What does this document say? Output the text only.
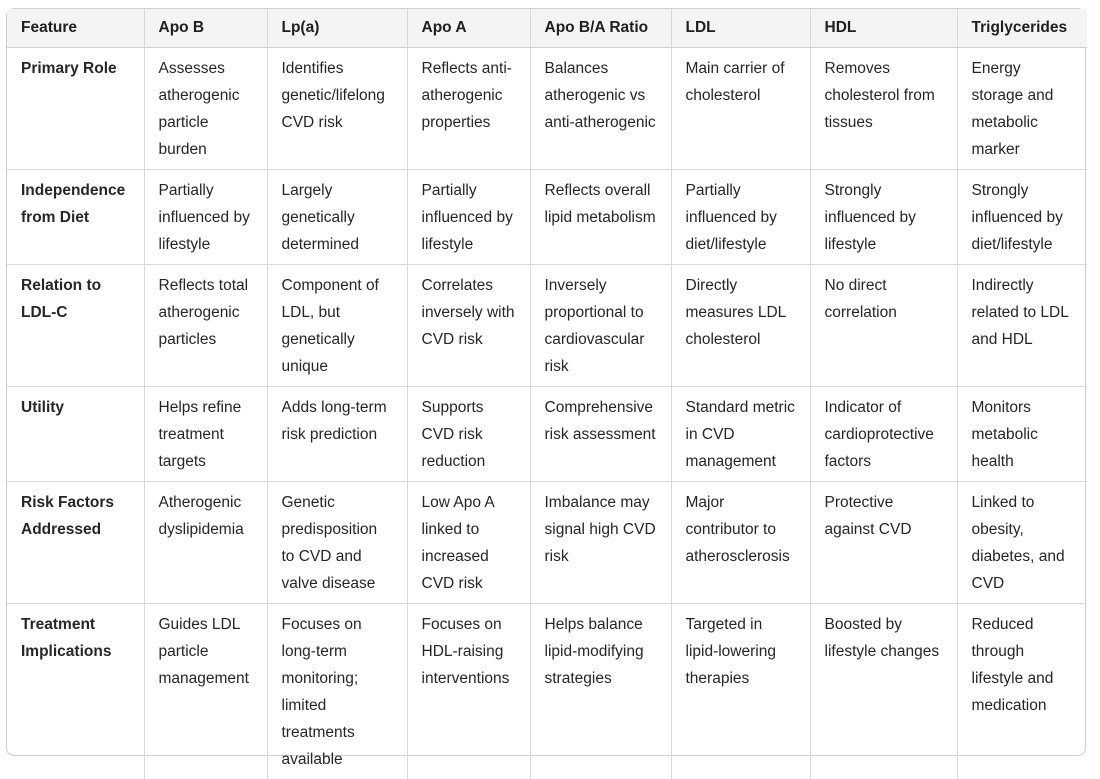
Feature	Apo B	Lp(a)	Apo A	Apo B/A Ratio	LDL	HDL	Triglycerides
Primary Role	Assesses atherogenic particle burden	Identifies genetic/lifelong CVD risk	Reflects anti-atherogenic properties	Balances atherogenic vs anti-atherogenic	Main carrier of cholesterol	Removes cholesterol from tissues	Energy storage and metabolic marker
Independence from Diet	Partially influenced by lifestyle	Largely genetically determined	Partially influenced by lifestyle	Reflects overall lipid metabolism	Partially influenced by diet/lifestyle	Strongly influenced by lifestyle	Strongly influenced by diet/lifestyle
Relation to LDL-C	Reflects total atherogenic particles	Component of LDL, but genetically unique	Correlates inversely with CVD risk	Inversely proportional to cardiovascular risk	Directly measures LDL cholesterol	No direct correlation	Indirectly related to LDL and HDL
Utility	Helps refine treatment targets	Adds long-term risk prediction	Supports CVD risk reduction	Comprehensive risk assessment	Standard metric in CVD management	Indicator of cardioprotective factors	Monitors metabolic health
Risk Factors Addressed	Atherogenic dyslipidemia	Genetic predisposition to CVD and valve disease	Low Apo A linked to increased CVD risk	Imbalance may signal high CVD risk	Major contributor to atherosclerosis	Protective against CVD	Linked to obesity, diabetes, and CVD
Treatment Implications	Guides LDL particle management	Focuses on long-term monitoring; limited treatments available	Focuses on HDL-raising interventions	Helps balance lipid-modifying strategies	Targeted in lipid-lowering therapies	Boosted by lifestyle changes	Reduced through lifestyle and medication
